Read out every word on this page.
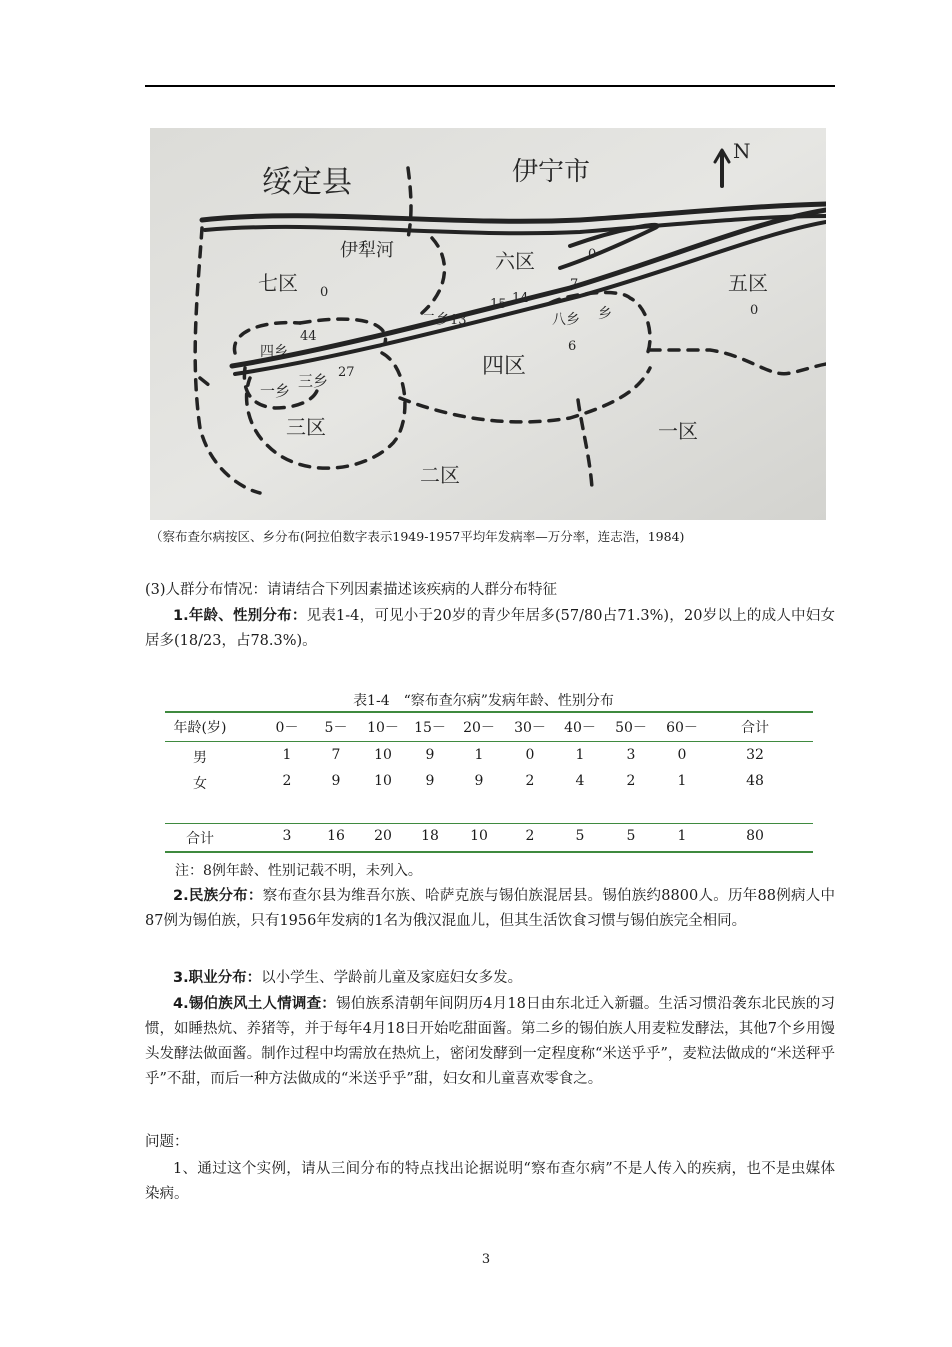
绥定县	伊宁市
N
伊犁河
七区
六区
五区
四区
三区
二区
一区
四乡
三乡
一乡
二乡	八乡 乡
44
27
13
15 14
7
6
0
0
0
（察布查尔病按区、乡分布(阿拉伯数字表示1949-1957平均年发病率—万分率，连志浩，1984)
(3)人群分布情况：请请结合下列因素描述该疾病的人群分布特征
1.年龄、性别分布：见表1-4，可见小于20岁的青少年居多(57/80占71.3%)，20岁以上的成人中妇女居多(18/23，占78.3%)。
表1-4　“察布查尔病”发病年龄、性别分布
年龄(岁)	0－	5－	10－	15－	20－	30－	40－	50－	60－	合计
男	1	7	10	9	1	0	1	3	0	32
女	2	9	10	9	9	2	4	2	1	48
合计	3	16	20	18	10	2	5	5	1	80
注：8例年龄、性别记载不明，未列入。
2.民族分布：察布查尔县为维吾尔族、哈萨克族与锡伯族混居县。锡伯族约8800人。历年88例病人中87例为锡伯族，只有1956年发病的1名为俄汉混血儿，但其生活饮食习惯与锡伯族完全相同。
3.职业分布：以小学生、学龄前儿童及家庭妇女多发。
4.锡伯族风土人情调查：锡伯族系清朝年间阴历4月18日由东北迁入新疆。生活习惯沿袭东北民族的习惯，如睡热炕、养猪等，并于每年4月18日开始吃甜面酱。第二乡的锡伯族人用麦粒发酵法，其他7个乡用馒头发酵法做面酱。制作过程中均需放在热炕上，密闭发酵到一定程度称“米送乎乎”，麦粒法做成的“米送秤乎乎”不甜，而后一种方法做成的“米送乎乎”甜，妇女和儿童喜欢零食之。
问题：
1、通过这个实例，请从三间分布的特点找出论据说明“察布查尔病”不是人传入的疾病，也不是虫媒体染病。
3
